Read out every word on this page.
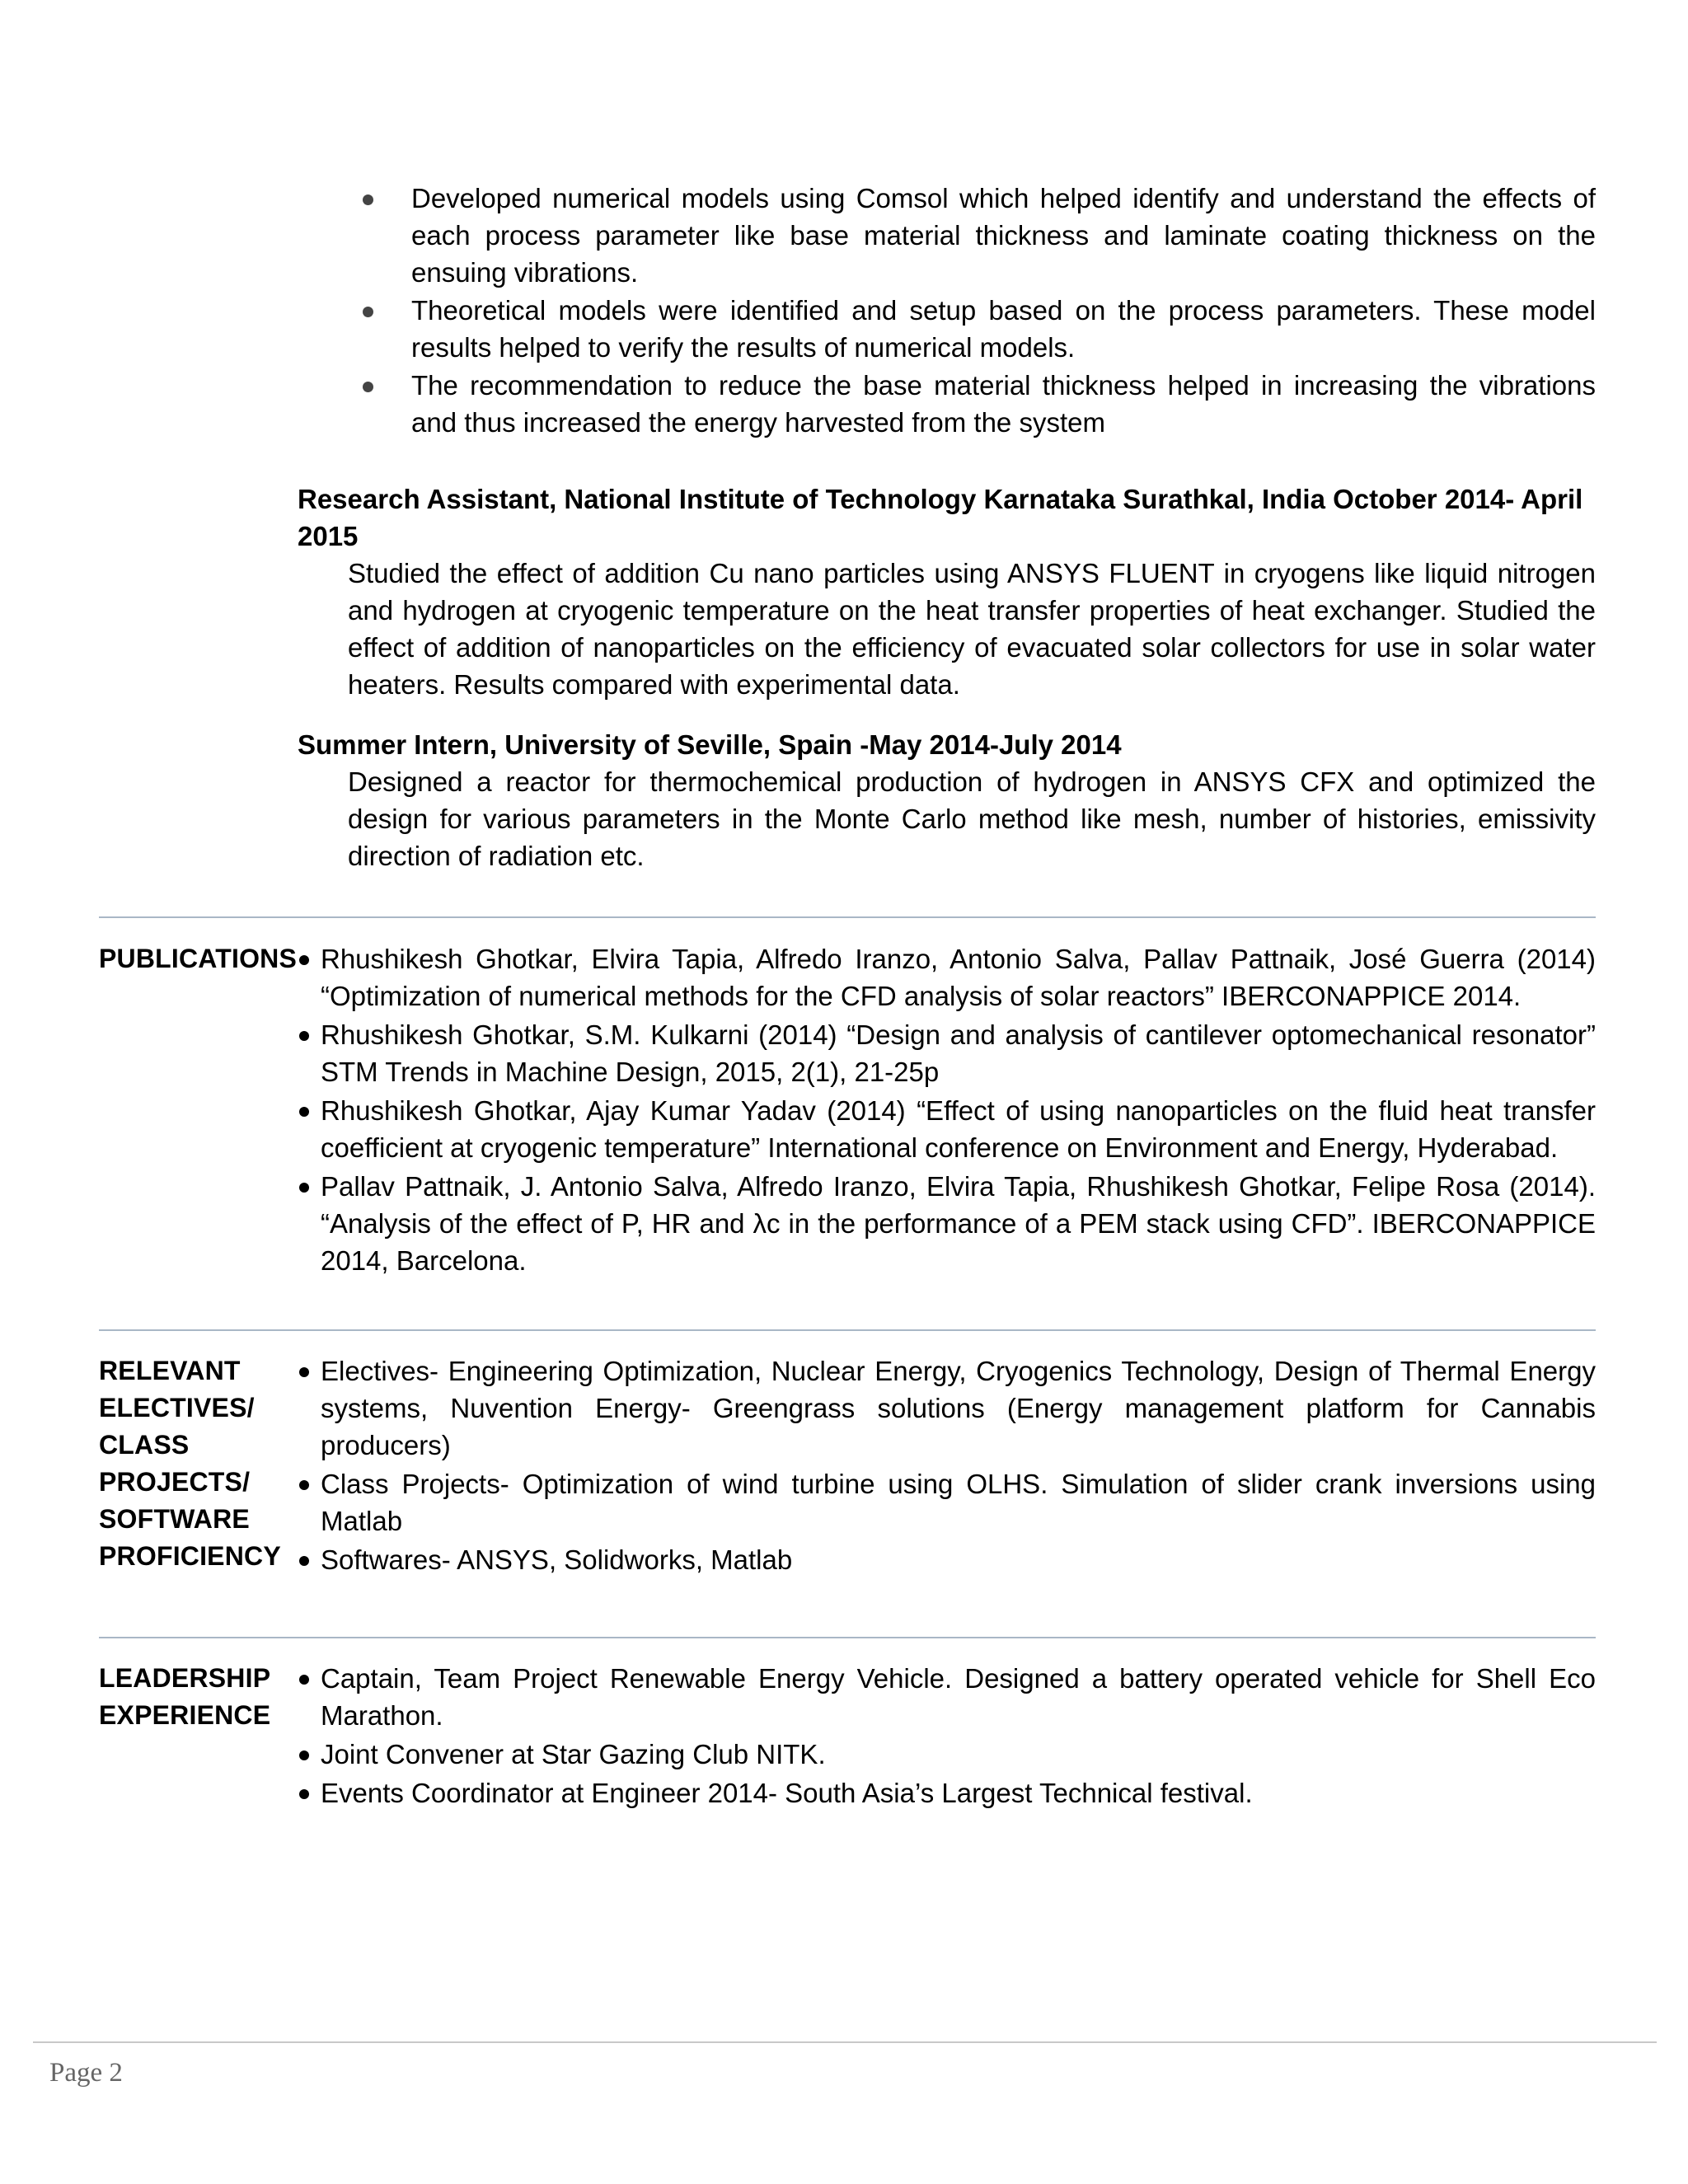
Developed numerical models using Comsol which helped identify and understand the effects of each process parameter like base material thickness and laminate coating thickness on the ensuing vibrations.
Theoretical models were identified and setup based on the process parameters. These model results helped to verify the results of numerical models.
The recommendation to reduce the base material thickness helped in increasing the vibrations and thus increased the energy harvested from the system
Research Assistant, National Institute of Technology Karnataka Surathkal, India October 2014- April 2015
Studied the effect of addition Cu nano particles using ANSYS FLUENT in cryogens like liquid nitrogen and hydrogen at cryogenic temperature on the heat transfer properties of heat exchanger. Studied the effect of addition of nanoparticles on the efficiency of evacuated solar collectors for use in solar water heaters. Results compared with experimental data.
Summer Intern, University of Seville, Spain -May 2014-July 2014
Designed a reactor for thermochemical production of hydrogen in ANSYS CFX and optimized the design for various parameters in the Monte Carlo method like mesh, number of histories, emissivity direction of radiation etc.
PUBLICATIONS Rhushikesh Ghotkar, Elvira Tapia, Alfredo Iranzo, Antonio Salva, Pallav Pattnaik, José Guerra (2014) “Optimization of numerical methods for the CFD analysis of solar reactors” IBERCONAPPICE 2014.
Rhushikesh Ghotkar, S.M. Kulkarni (2014) “Design and analysis of cantilever optomechanical resonator” STM Trends in Machine Design, 2015, 2(1), 21-25p
Rhushikesh Ghotkar, Ajay Kumar Yadav (2014) “Effect of using nanoparticles on the fluid heat transfer coefficient at cryogenic temperature” International conference on Environment and Energy, Hyderabad.
Pallav Pattnaik, J. Antonio Salva, Alfredo Iranzo, Elvira Tapia, Rhushikesh Ghotkar, Felipe Rosa (2014). “Analysis of the effect of P, HR and λc in the performance of a PEM stack using CFD”. IBERCONAPPICE 2014, Barcelona.
RELEVANT
ELECTIVES/
CLASS
PROJECTS/
SOFTWARE
PROFICIENCY
Electives- Engineering Optimization, Nuclear Energy, Cryogenics Technology, Design of Thermal Energy systems, Nuvention Energy- Greengrass solutions (Energy management platform for Cannabis producers)
Class Projects- Optimization of wind turbine using OLHS. Simulation of slider crank inversions using Matlab
Softwares- ANSYS, Solidworks, Matlab
LEADERSHIP
EXPERIENCE
Captain, Team Project Renewable Energy Vehicle. Designed a battery operated vehicle for Shell Eco Marathon.
Joint Convener at Star Gazing Club NITK.
Events Coordinator at Engineer 2014- South Asia’s Largest Technical festival.
Page 2
